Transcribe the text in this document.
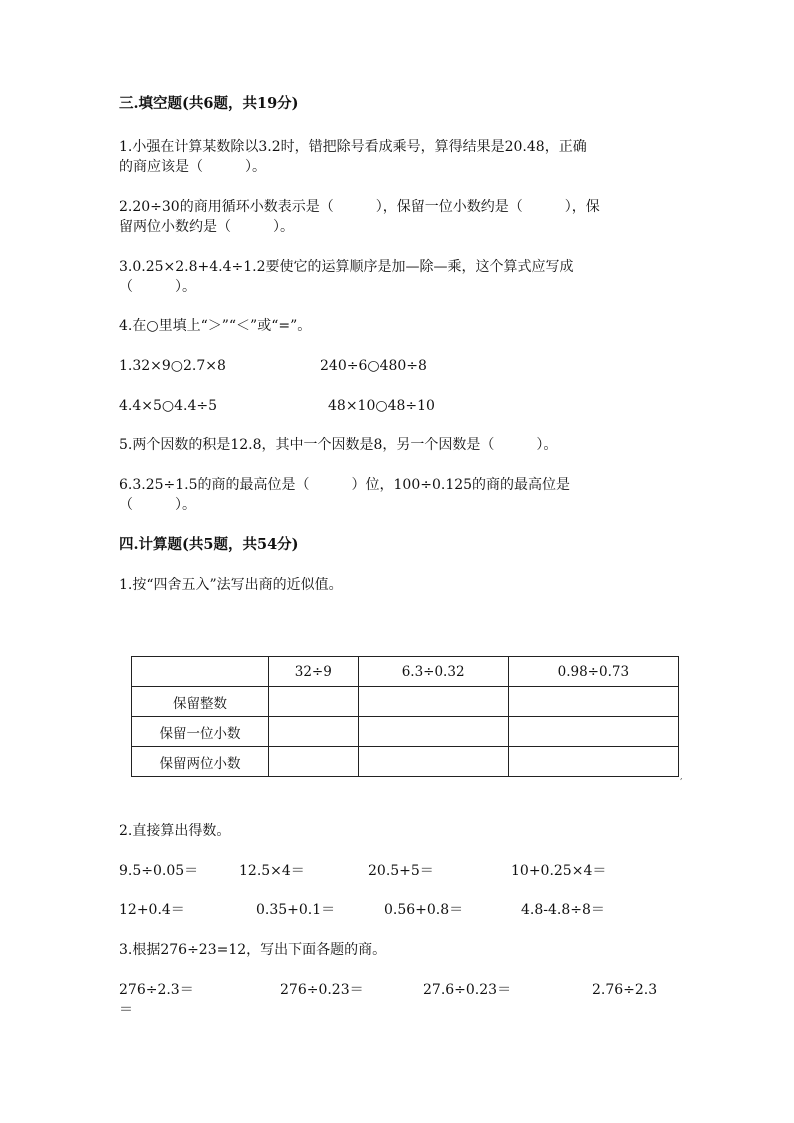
三.填空题(共6题，共19分)
1.小强在计算某数除以3.2时，错把除号看成乘号，算得结果是20.48，正确
的商应该是（　　　）。
2.20÷30的商用循环小数表示是（　　　），保留一位小数约是（　　　），保
留两位小数约是（　　　）。
3.0.25×2.8+4.4÷1.2要使它的运算顺序是加—除—乘，这个算式应写成
（　　　）。
4.在○里填上“＞”“＜”或“=”。
1.32×9○2.7×8	240÷6○480÷8
4.4×5○4.4÷5	48×10○48÷10
5.两个因数的积是12.8，其中一个因数是8，另一个因数是（　　　）。
6.3.25÷1.5的商的最高位是（　　　）位，100÷0.125的商的最高位是
（　　　）。
四.计算题(共5题，共54分)
1.按“四舍五入”法写出商的近似值。
	32÷9	6.3÷0.32	0.98÷0.73
保留整数			
保留一位小数			
保留两位小数			
,
2.直接算出得数。
9.5÷0.05＝	12.5×4＝	20.5+5＝	10+0.25×4＝
12+0.4＝	0.35+0.1＝	0.56+0.8＝	4.8-4.8÷8＝
3.根据276÷23=12，写出下面各题的商。
276÷2.3＝	276÷0.23＝	27.6÷0.23＝	2.76÷2.3
＝
